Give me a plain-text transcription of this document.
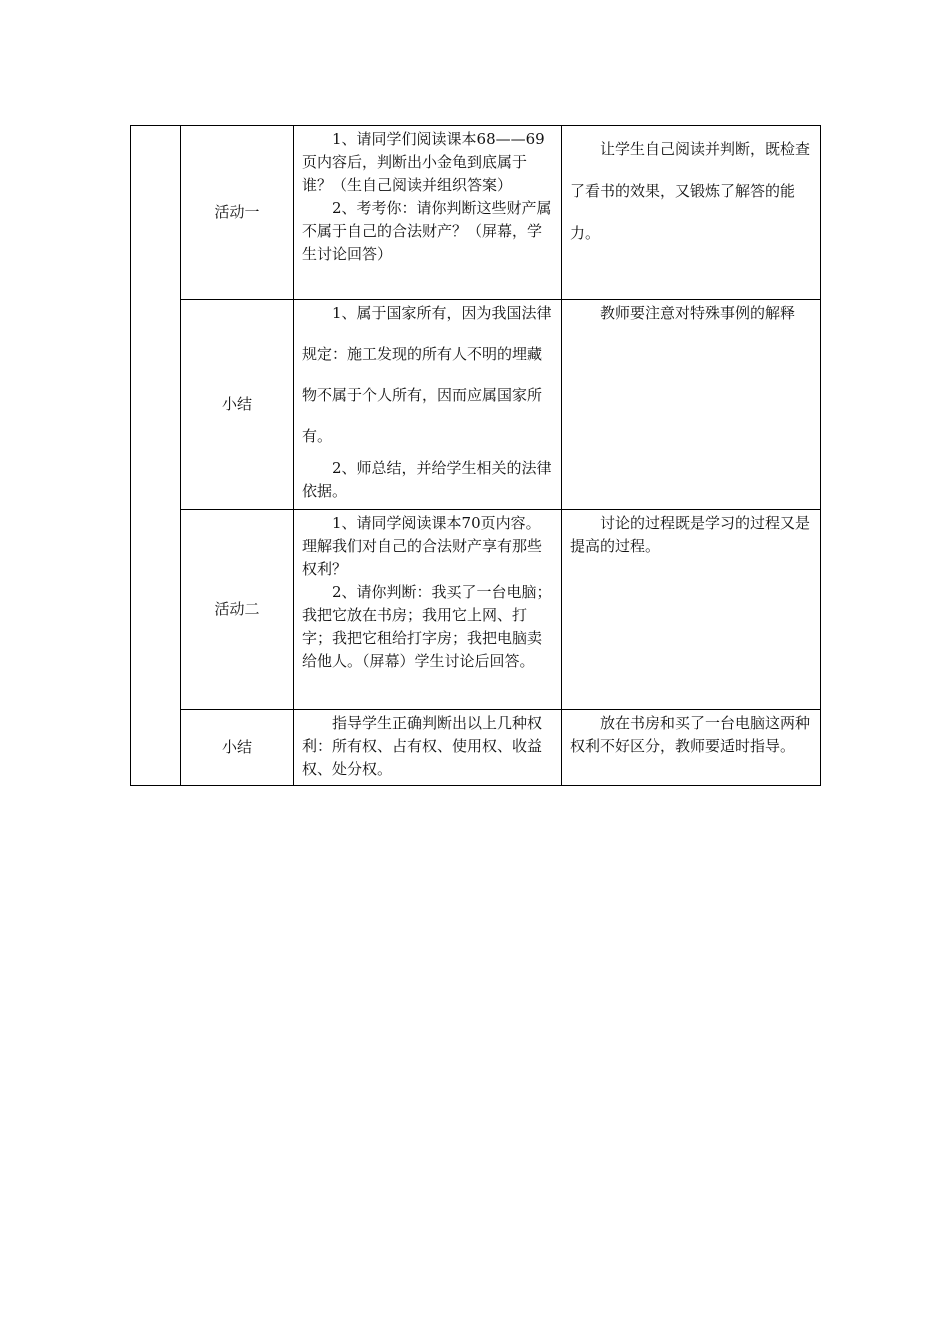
	活动一	1、请同学们阅读课本68——69页内容后，判断出小金龟到底属于谁？（生自己阅读并组织答案）

2、考考你：请你判断这些财产属不属于自己的合法财产？（屏幕，学生讨论回答）	让学生自己阅读并判断，既检查了看书的效果，又锻炼了解答的能力。

	小结	1、属于国家所有，因为我国法律规定：施工发现的所有人不明的埋藏物不属于个人所有，因而应属国家所有。

2、师总结，并给学生相关的法律依据。	教师要注意对特殊事例的解释

	活动二	1、请同学阅读课本70页内容。理解我们对自己的合法财产享有那些权利？

2、请你判断：我买了一台电脑；我把它放在书房；我用它上网、打字；我把它租给打字房；我把电脑卖给他人。（屏幕）学生讨论后回答。	讨论的过程既是学习的过程又是提高的过程。

	小结	指导学生正确判断出以上几种权利：所有权、占有权、使用权、收益权、处分权。	放在书房和买了一台电脑这两种权利不好区分，教师要适时指导。
